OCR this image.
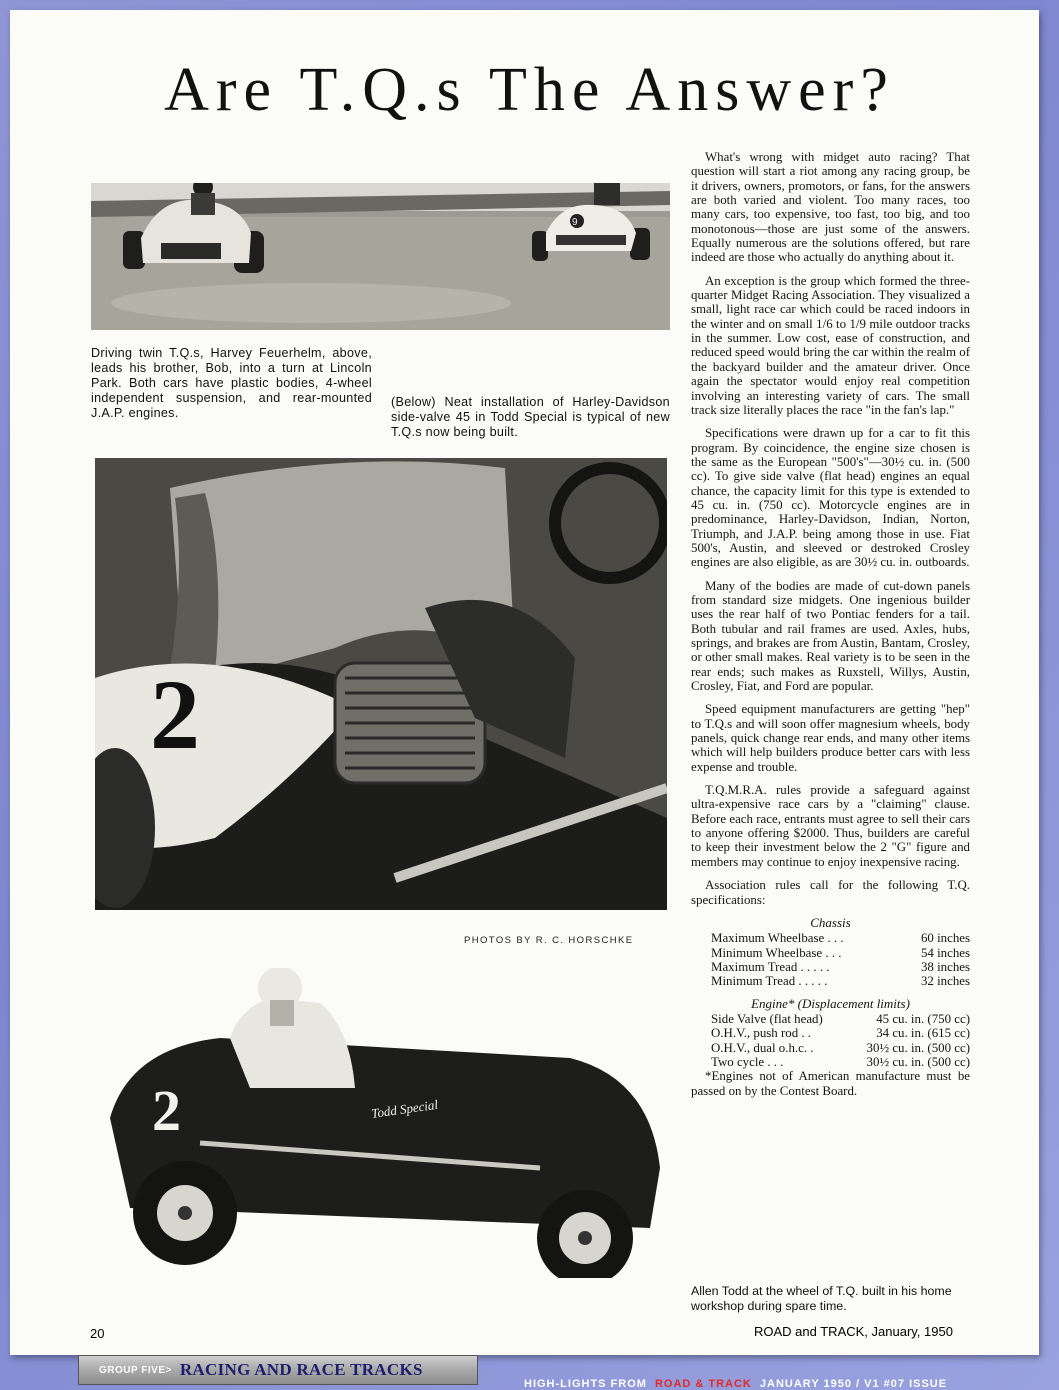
Are T.Q.s The Answer?
9

Driving twin T.Q.s, Harvey Feuerhelm, above, leads his brother, Bob, into a turn at Lincoln Park. Both cars have plastic bodies, 4-wheel independent suspension, and rear-mounted J.A.P. engines.

(Below) Neat installation of Harley-Davidson side-valve 45 in Todd Special is typical of new T.Q.s now being built.

2
PHOTOS BY R. C. HORSCHKE
2	Todd Special

What's wrong with midget auto racing? That question will start a riot among any racing group, be it drivers, owners, promotors, or fans, for the answers are both varied and violent. Too many races, too many cars, too expensive, too fast, too big, and too monotonous—those are just some of the answers. Equally numerous are the solutions offered, but rare indeed are those who actually do anything about it.

An exception is the group which formed the three-quarter Midget Racing Association. They visualized a small, light race car which could be raced indoors in the winter and on small 1/6 to 1/9 mile outdoor tracks in the summer. Low cost, ease of construction, and reduced speed would bring the car within the realm of the backyard builder and the amateur driver. Once again the spectator would enjoy real competition involving an interesting variety of cars. The small track size literally places the race "in the fan's lap."

Specifications were drawn up for a car to fit this program. By coincidence, the engine size chosen is the same as the European "500's"—30½ cu. in. (500 cc). To give side valve (flat head) engines an equal chance, the capacity limit for this type is extended to 45 cu. in. (750 cc). Motorcycle engines are in predominance, Harley-Davidson, Indian, Norton, Triumph, and J.A.P. being among those in use. Fiat 500's, Austin, and sleeved or destroked Crosley engines are also eligible, as are 30½ cu. in. outboards.

Many of the bodies are made of cut-down panels from standard size midgets. One ingenious builder uses the rear half of two Pontiac fenders for a tail. Both tubular and rail frames are used. Axles, hubs, springs, and brakes are from Austin, Bantam, Crosley, or other small makes. Real variety is to be seen in the rear ends; such makes as Ruxstell, Willys, Austin, Crosley, Fiat, and Ford are popular.

Speed equipment manufacturers are getting "hep" to T.Q.s and will soon offer magnesium wheels, body panels, quick change rear ends, and many other items which will help builders produce better cars with less expense and trouble.

T.Q.M.R.A. rules provide a safeguard against ultra-expensive race cars by a "claiming" clause. Before each race, entrants must agree to sell their cars to anyone offering $2000. Thus, builders are careful to keep their investment below the 2 "G" figure and members may continue to enjoy inexpensive racing.

Association rules call for the following T.Q. specifications:

Chassis
Maximum Wheelbase . . .	60 inches
Minimum Wheelbase . . .	54 inches
Maximum Tread . . . . .	38 inches
Minimum Tread . . . . .	32 inches
Engine* (Displacement limits)
Side Valve (flat head)	45 cu. in. (750 cc)
O.H.V., push rod . .	34 cu. in. (615 cc)
O.H.V., dual o.h.c. .	30½ cu. in. (500 cc)
Two cycle . . .	30½ cu. in. (500 cc)

*Engines not of American manufacture must be passed on by the Contest Board.

Allen Todd at the wheel of T.Q. built in his home workshop during spare time.
20	ROAD and TRACK, January, 1950
GROUP FIVE> RACING AND RACE TRACKS
HIGH-LIGHTS FROM ROAD & TRACK JANUARY 1950 / V1 #07 ISSUE
